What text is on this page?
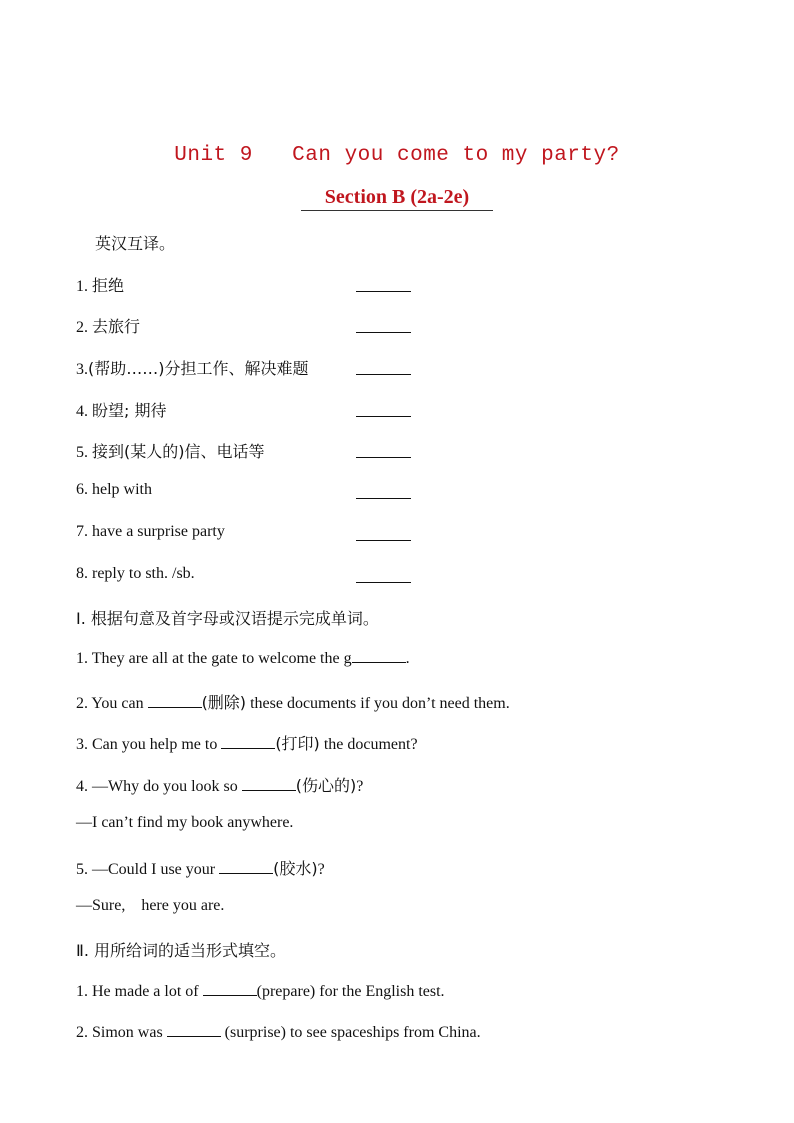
Unit 9   Can you come to my party?
Section B (2a-2e)
英汉互译。
1. 拒绝
2. 去旅行
3.(帮助……)分担工作、解决难题
4. 盼望; 期待
5. 接到(某人的)信、电话等
6. help with
7. have a surprise party
8. reply to sth. /sb.
Ⅰ. 根据句意及首字母或汉语提示完成单词。
1. They are all at the gate to welcome the g	.
2. You can	(删除) these documents if you don’t need them.
3. Can you help me to	(打印) the document?
4. —Why do you look so	(伤心的)?
—I can’t find my book anywhere.
5. —Could I use your	(胶水)?
—Sure,    here you are.
Ⅱ. 用所给词的适当形式填空。
1. He made a lot of	(prepare) for the English test.
2. Simon was	(surprise) to see spaceships from China.
